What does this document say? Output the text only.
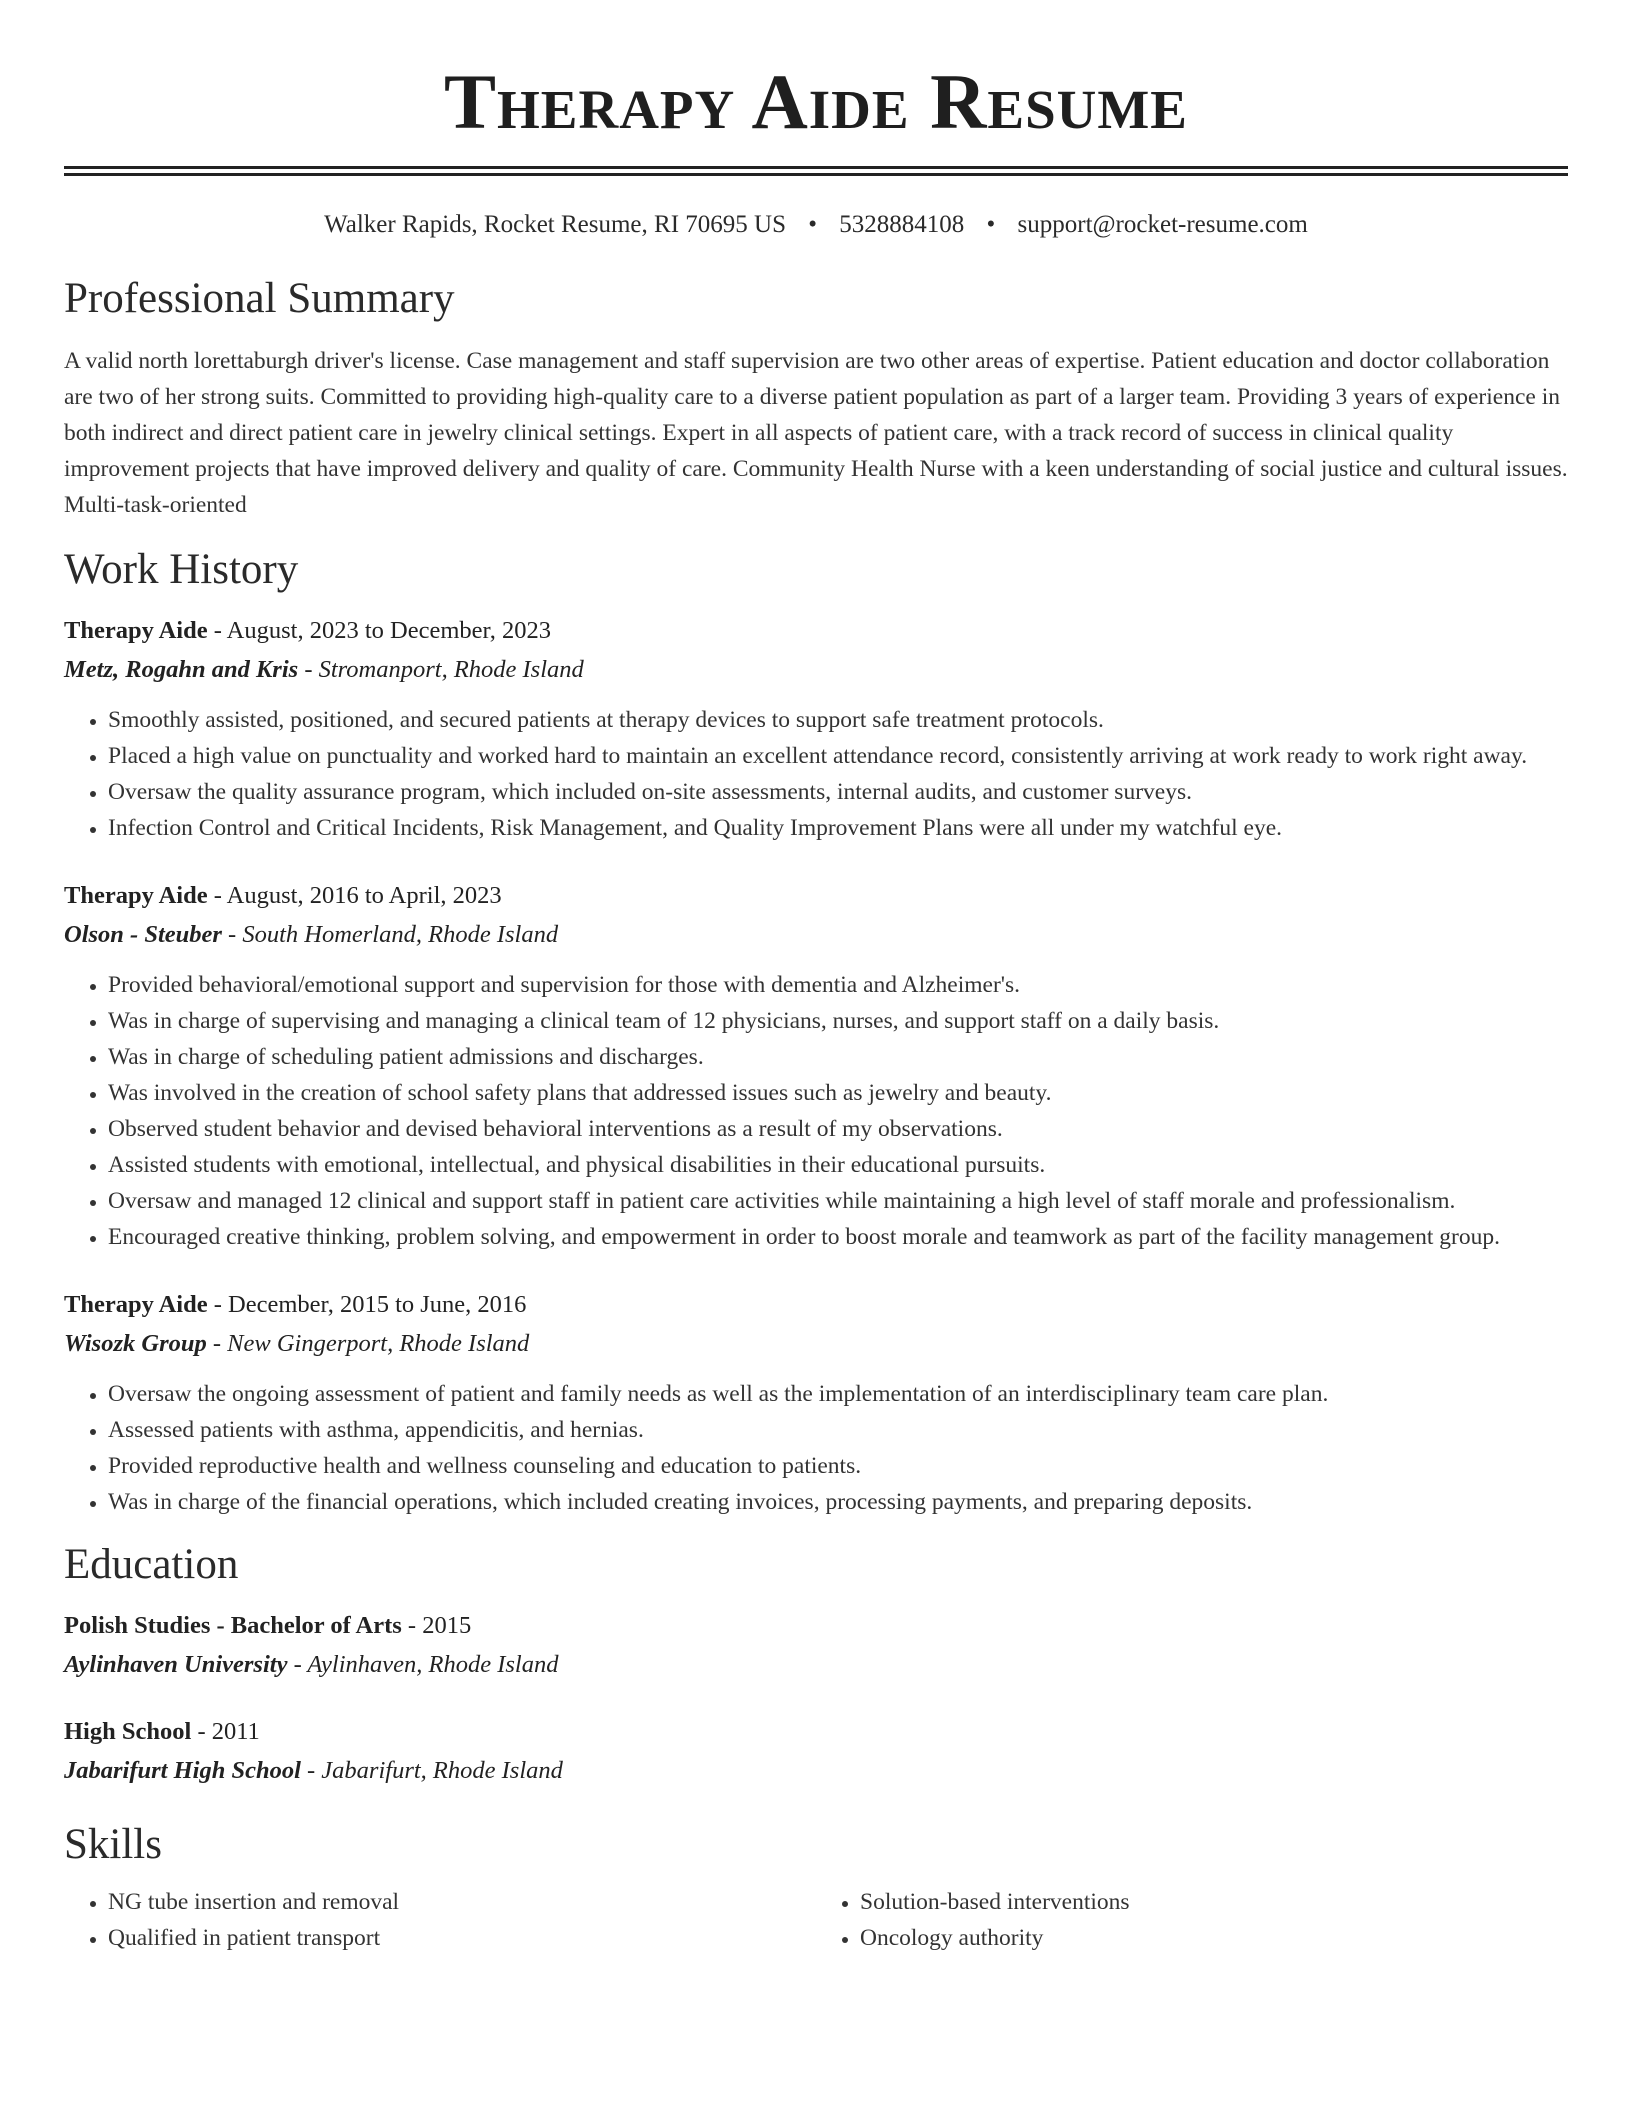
Therapy Aide Resume
Walker Rapids, Rocket Resume, RI 70695 US • 5328884108 • support@rocket-resume.com
Professional Summary
A valid north lorettaburgh driver's license. Case management and staff supervision are two other areas of expertise. Patient education and doctor collaboration are two of her strong suits. Committed to providing high-quality care to a diverse patient population as part of a larger team. Providing 3 years of experience in both indirect and direct patient care in jewelry clinical settings. Expert in all aspects of patient care, with a track record of success in clinical quality improvement projects that have improved delivery and quality of care. Community Health Nurse with a keen understanding of social justice and cultural issues. Multi-task-oriented
Work History
Therapy Aide - August, 2023 to December, 2023
Metz, Rogahn and Kris - Stromanport, Rhode Island
• Smoothly assisted, positioned, and secured patients at therapy devices to support safe treatment protocols.
• Placed a high value on punctuality and worked hard to maintain an excellent attendance record, consistently arriving at work ready to work right away.
• Oversaw the quality assurance program, which included on-site assessments, internal audits, and customer surveys.
• Infection Control and Critical Incidents, Risk Management, and Quality Improvement Plans were all under my watchful eye.
Therapy Aide - August, 2016 to April, 2023
Olson - Steuber - South Homerland, Rhode Island
• Provided behavioral/emotional support and supervision for those with dementia and Alzheimer's.
• Was in charge of supervising and managing a clinical team of 12 physicians, nurses, and support staff on a daily basis.
• Was in charge of scheduling patient admissions and discharges.
• Was involved in the creation of school safety plans that addressed issues such as jewelry and beauty.
• Observed student behavior and devised behavioral interventions as a result of my observations.
• Assisted students with emotional, intellectual, and physical disabilities in their educational pursuits.
• Oversaw and managed 12 clinical and support staff in patient care activities while maintaining a high level of staff morale and professionalism.
• Encouraged creative thinking, problem solving, and empowerment in order to boost morale and teamwork as part of the facility management group.
Therapy Aide - December, 2015 to June, 2016
Wisozk Group - New Gingerport, Rhode Island
• Oversaw the ongoing assessment of patient and family needs as well as the implementation of an interdisciplinary team care plan.
• Assessed patients with asthma, appendicitis, and hernias.
• Provided reproductive health and wellness counseling and education to patients.
• Was in charge of the financial operations, which included creating invoices, processing payments, and preparing deposits.
Education
Polish Studies - Bachelor of Arts - 2015
Aylinhaven University - Aylinhaven, Rhode Island
High School - 2011
Jabarifurt High School - Jabarifurt, Rhode Island
Skills
• NG tube insertion and removal
• Qualified in patient transport
• Solution-based interventions
• Oncology authority
